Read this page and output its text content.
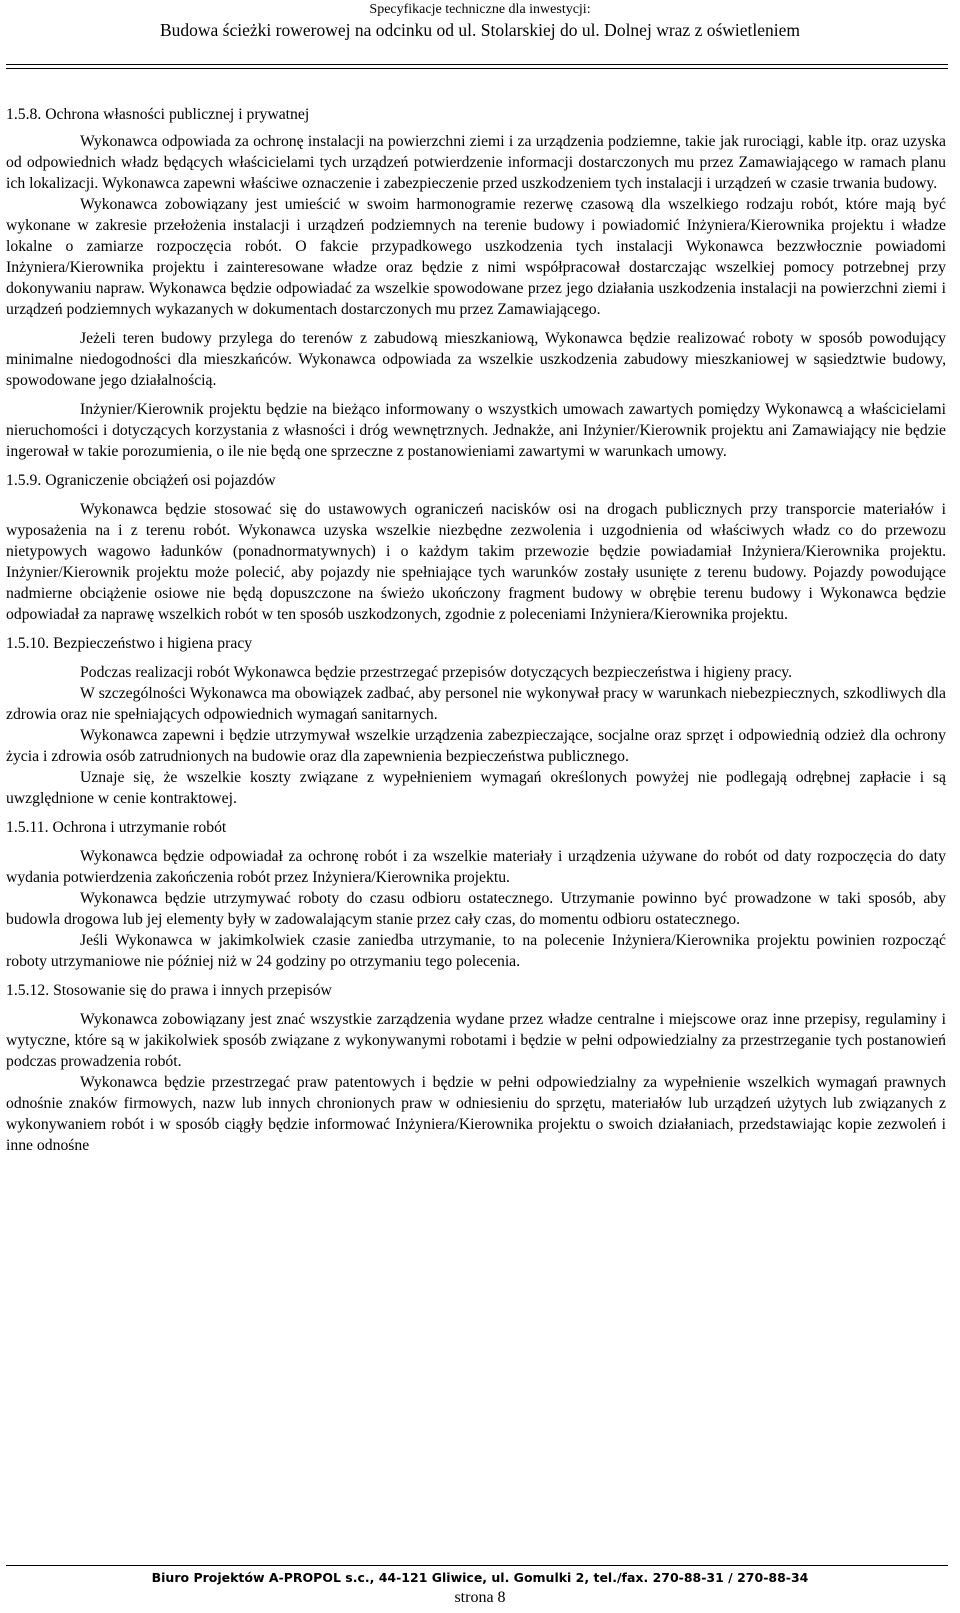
Specyfikacje techniczne dla inwestycji:
Budowa ścieżki rowerowej na odcinku od ul. Stolarskiej do ul. Dolnej wraz z oświetleniem
1.5.8. Ochrona własności publicznej i prywatnej

Wykonawca odpowiada za ochronę instalacji na powierzchni ziemi i za urządzenia podziemne, takie jak rurociągi, kable itp. oraz uzyska od odpowiednich władz będących właścicielami tych urządzeń potwierdzenie informacji dostarczonych mu przez Zamawiającego w ramach planu ich lokalizacji. Wykonawca zapewni właściwe oznaczenie i zabezpieczenie przed uszkodzeniem tych instalacji i urządzeń w czasie trwania budowy.

Wykonawca zobowiązany jest umieścić w swoim harmonogramie rezerwę czasową dla wszelkiego rodzaju robót, które mają być wykonane w zakresie przełożenia instalacji i urządzeń podziemnych na terenie budowy i powiadomić Inżyniera/Kierownika projektu i władze lokalne o zamiarze rozpoczęcia robót. O fakcie przypadkowego uszkodzenia tych instalacji Wykonawca bezzwłocznie powiadomi Inżyniera/Kierownika projektu i zainteresowane władze oraz będzie z nimi współpracował dostarczając wszelkiej pomocy potrzebnej przy dokonywaniu napraw. Wykonawca będzie odpowiadać za wszelkie spowodowane przez jego działania uszkodzenia instalacji na powierzchni ziemi i urządzeń podziemnych wykazanych w dokumentach dostarczonych mu przez Zamawiającego.

Jeżeli teren budowy przylega do terenów z zabudową mieszkaniową, Wykonawca będzie realizować roboty w sposób powodujący minimalne niedogodności dla mieszkańców. Wykonawca odpowiada za wszelkie uszkodzenia zabudowy mieszkaniowej w sąsiedztwie budowy, spowodowane jego działalnością.

Inżynier/Kierownik projektu będzie na bieżąco informowany o wszystkich umowach zawartych pomiędzy Wykonawcą a właścicielami nieruchomości i dotyczących korzystania z własności i dróg wewnętrznych. Jednakże, ani Inżynier/Kierownik projektu ani Zamawiający nie będzie ingerował w takie porozumienia, o ile nie będą one sprzeczne z postanowieniami zawartymi w warunkach umowy.

1.5.9. Ograniczenie obciążeń osi pojazdów

Wykonawca będzie stosować się do ustawowych ograniczeń nacisków osi na drogach publicznych przy transporcie materiałów i wyposażenia na i z terenu robót. Wykonawca uzyska wszelkie niezbędne zezwolenia i uzgodnienia od właściwych władz co do przewozu nietypowych wagowo ładunków (ponadnormatywnych) i o każdym takim przewozie będzie powiadamiał Inżyniera/Kierownika projektu. Inżynier/Kierownik projektu może polecić, aby pojazdy nie spełniające tych warunków zostały usunięte z terenu budowy. Pojazdy powodujące nadmierne obciążenie osiowe nie będą dopuszczone na świeżo ukończony fragment budowy w obrębie terenu budowy i Wykonawca będzie odpowiadał za naprawę wszelkich robót w ten sposób uszkodzonych, zgodnie z poleceniami Inżyniera/Kierownika projektu.

1.5.10. Bezpieczeństwo i higiena pracy

Podczas realizacji robót Wykonawca będzie przestrzegać przepisów dotyczących bezpieczeństwa i higieny pracy.

W szczególności Wykonawca ma obowiązek zadbać, aby personel nie wykonywał pracy w warunkach niebezpiecznych, szkodliwych dla zdrowia oraz nie spełniających odpowiednich wymagań sanitarnych.

Wykonawca zapewni i będzie utrzymywał wszelkie urządzenia zabezpieczające, socjalne oraz sprzęt i odpowiednią odzież dla ochrony życia i zdrowia osób zatrudnionych na budowie oraz dla zapewnienia bezpieczeństwa publicznego.

Uznaje się, że wszelkie koszty związane z wypełnieniem wymagań określonych powyżej nie podlegają odrębnej zapłacie i są uwzględnione w cenie kontraktowej.

1.5.11. Ochrona i utrzymanie robót

Wykonawca będzie odpowiadał za ochronę robót i za wszelkie materiały i urządzenia używane do robót od daty rozpoczęcia do daty wydania potwierdzenia zakończenia robót przez Inżyniera/Kierownika projektu.

Wykonawca będzie utrzymywać roboty do czasu odbioru ostatecznego. Utrzymanie powinno być prowadzone w taki sposób, aby budowla drogowa lub jej elementy były w zadowalającym stanie przez cały czas, do momentu odbioru ostatecznego.

Jeśli Wykonawca w jakimkolwiek czasie zaniedba utrzymanie, to na polecenie Inżyniera/Kierownika projektu powinien rozpocząć roboty utrzymaniowe nie później niż w 24 godziny po otrzymaniu tego polecenia.

1.5.12. Stosowanie się do prawa i innych przepisów

Wykonawca zobowiązany jest znać wszystkie zarządzenia wydane przez władze centralne i miejscowe oraz inne przepisy, regulaminy i wytyczne, które są w jakikolwiek sposób związane z wykonywanymi robotami i będzie w pełni odpowiedzialny za przestrzeganie tych postanowień podczas prowadzenia robót.

Wykonawca będzie przestrzegać praw patentowych i będzie w pełni odpowiedzialny za wypełnienie wszelkich wymagań prawnych odnośnie znaków firmowych, nazw lub innych chronionych praw w odniesieniu do sprzętu, materiałów lub urządzeń użytych lub związanych z wykonywaniem robót i w sposób ciągły będzie informować Inżyniera/Kierownika projektu o swoich działaniach, przedstawiając kopie zezwoleń i inne odnośne

Biuro Projektów A-PROPOL s.c., 44-121 Gliwice, ul. Gomulki 2, tel./fax. 270-88-31 / 270-88-34
strona 8
